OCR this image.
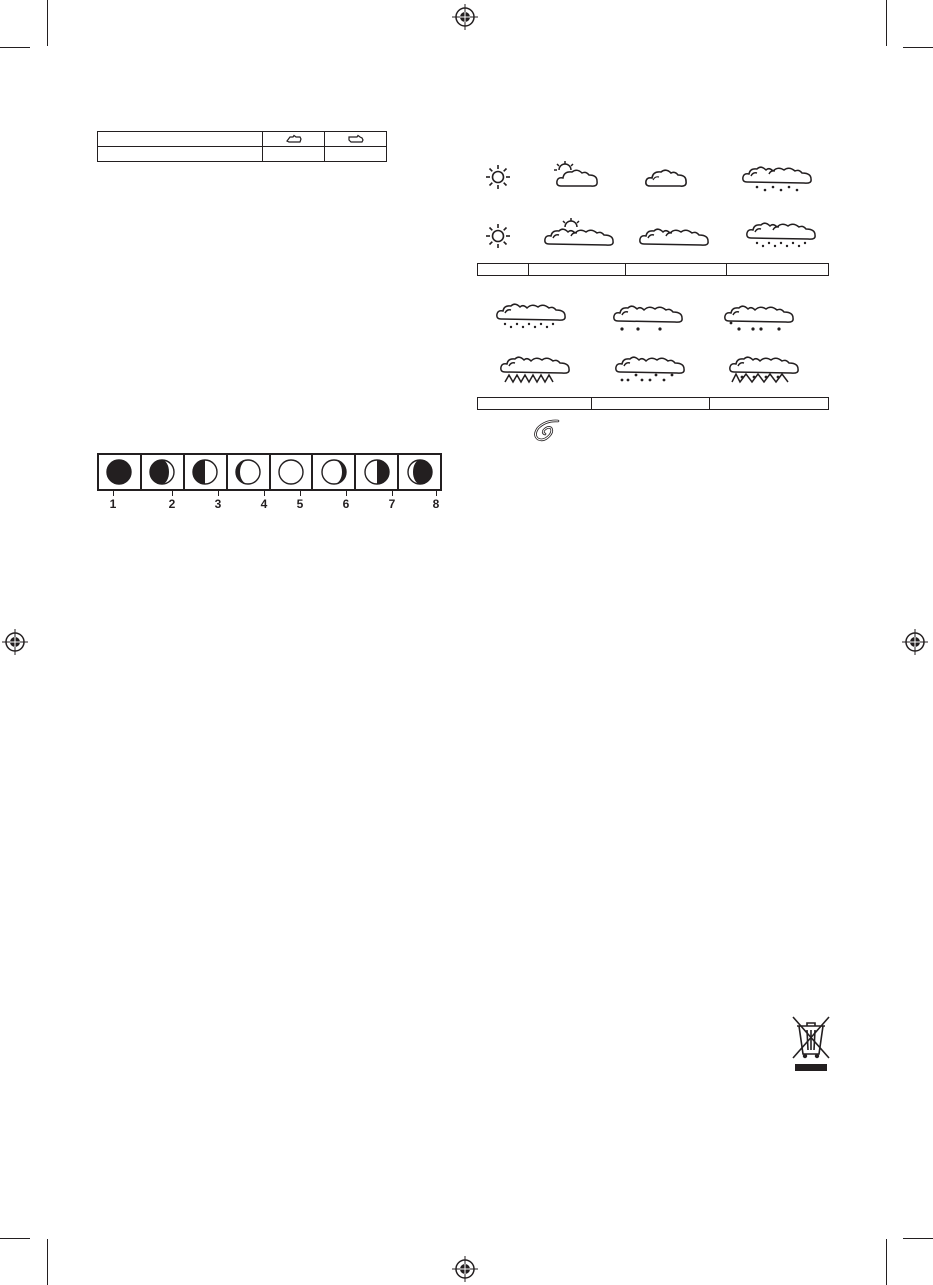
1	2	3	4 5	6	7	8
